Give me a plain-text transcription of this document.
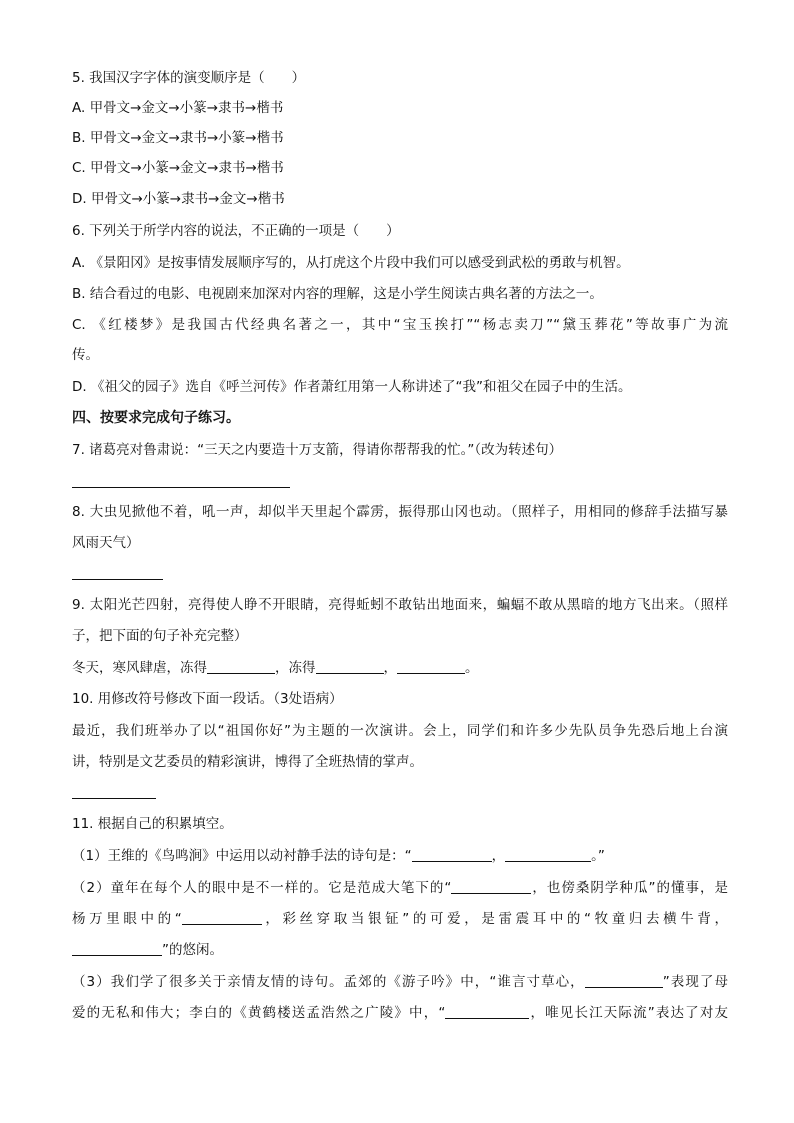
5. 我国汉字字体的演变顺序是（　　）
A. 甲骨文→金文→小篆→隶书→楷书
B. 甲骨文→金文→隶书→小篆→楷书
C. 甲骨文→小篆→金文→隶书→楷书
D. 甲骨文→小篆→隶书→金文→楷书
6. 下列关于所学内容的说法，不正确的一项是（　　）
A. 《景阳冈》是按事情发展顺序写的，从打虎这个片段中我们可以感受到武松的勇敢与机智。
B. 结合看过的电影、电视剧来加深对内容的理解，这是小学生阅读古典名著的方法之一。
C. 《红楼梦》是我国古代经典名著之一，其中“宝玉挨打”“杨志卖刀”“黛玉葬花”等故事广为流
传。
D. 《祖父的园子》选自《呼兰河传》作者萧红用第一人称讲述了“我”和祖父在园子中的生活。
四、按要求完成句子练习。
7. 诸葛亮对鲁肃说：“三天之内要造十万支箭，得请你帮帮我的忙。”（改为转述句）
8. 大虫见掀他不着，吼一声，却似半天里起个霹雳，振得那山冈也动。（照样子，用相同的修辞手法描写暴
风雨天气）
9. 太阳光芒四射，亮得使人睁不开眼睛，亮得蚯蚓不敢钻出地面来，蝙蝠不敢从黑暗的地方飞出来。（照样
子，把下面的句子补充完整）
冬天，寒风肆虐，冻得	，冻得	，	。
10. 用修改符号修改下面一段话。（3处语病）
最近，我们班举办了以“祖国你好”为主题的一次演讲。会上，同学们和许多少先队员争先恐后地上台演
讲，特别是文艺委员的精彩演讲，博得了全班热情的掌声。
11. 根据自己的积累填空。
（1）王维的《鸟鸣涧》中运用以动衬静手法的诗句是：“	，	。”
（2）童年在每个人的眼中是不一样的。它是范成大笔下的“	，也傍桑阴学种瓜”的懂事，是
杨万里眼中的“	，彩丝穿取当银钲”的可爱，是雷震耳中的“牧童归去横牛背，
”的悠闲。
（3）我们学了很多关于亲情友情的诗句。孟郊的《游子吟》中，“谁言寸草心，	”表现了母
爱的无私和伟大；李白的《黄鹤楼送孟浩然之广陵》中，“	，唯见长江天际流”表达了对友
